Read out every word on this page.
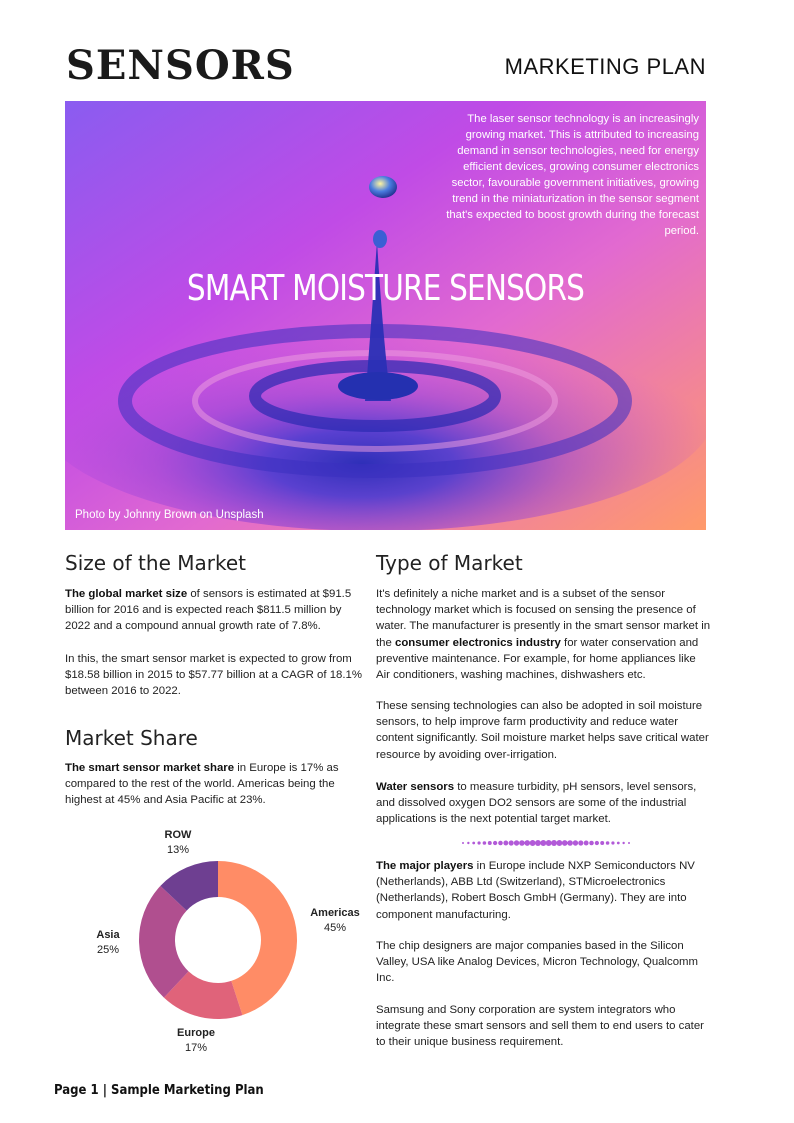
SENSORS	MARKETING PLAN
The laser sensor technology is an increasingly growing market. This is attributed to increasing demand in sensor technologies, need for energy efficient devices, growing consumer electronics sector, favourable government initiatives, growing trend in the miniaturization in the sensor segment that's expected to boost growth during the forecast period.
SMART MOISTURE SENSORS
Photo by Johnny Brown on Unsplash
Size of the Market

The global market size of sensors is estimated at $91.5 billion for 2016 and is expected reach $811.5 million by 2022 and a compound annual growth rate of 7.8%.

In this, the smart sensor market is expected to grow from $18.58 billion in 2015 to $57.77 billion at a CAGR of 18.1% between 2016 to 2022.

Market Share

The smart sensor market share in Europe is 17% as compared to the rest of the world. Americas being the highest at 45% and Asia Pacific at 23%.

ROW
13%
Americas
45%
Asia
25%
Europe
17%
Type of Market

It's definitely a niche market and is a subset of the sensor technology market which is focused on sensing the presence of water. The manufacturer is presently in the smart sensor market in the consumer electronics industry for water conservation and preventive maintenance. For example, for home appliances like Air conditioners, washing machines, dishwashers etc.

These sensing technologies can also be adopted in soil moisture sensors, to help improve farm productivity and reduce water content significantly. Soil moisture market helps save critical water resource by avoiding over-irrigation.

Water sensors to measure turbidity, pH sensors, level sensors, and dissolved oxygen DO2 sensors are some of the industrial applications is the next potential target market.

The major players in Europe include NXP Semiconductors NV (Netherlands), ABB Ltd (Switzerland), STMicroelectronics (Netherlands), Robert Bosch GmbH (Germany). They are into component manufacturing.

The chip designers are major companies based in the Silicon Valley, USA like Analog Devices, Micron Technology, Qualcomm Inc.

Samsung and Sony corporation are system integrators who integrate these smart sensors and sell them to end users to cater to their unique business requirement.

Page 1 | Sample Marketing Plan
